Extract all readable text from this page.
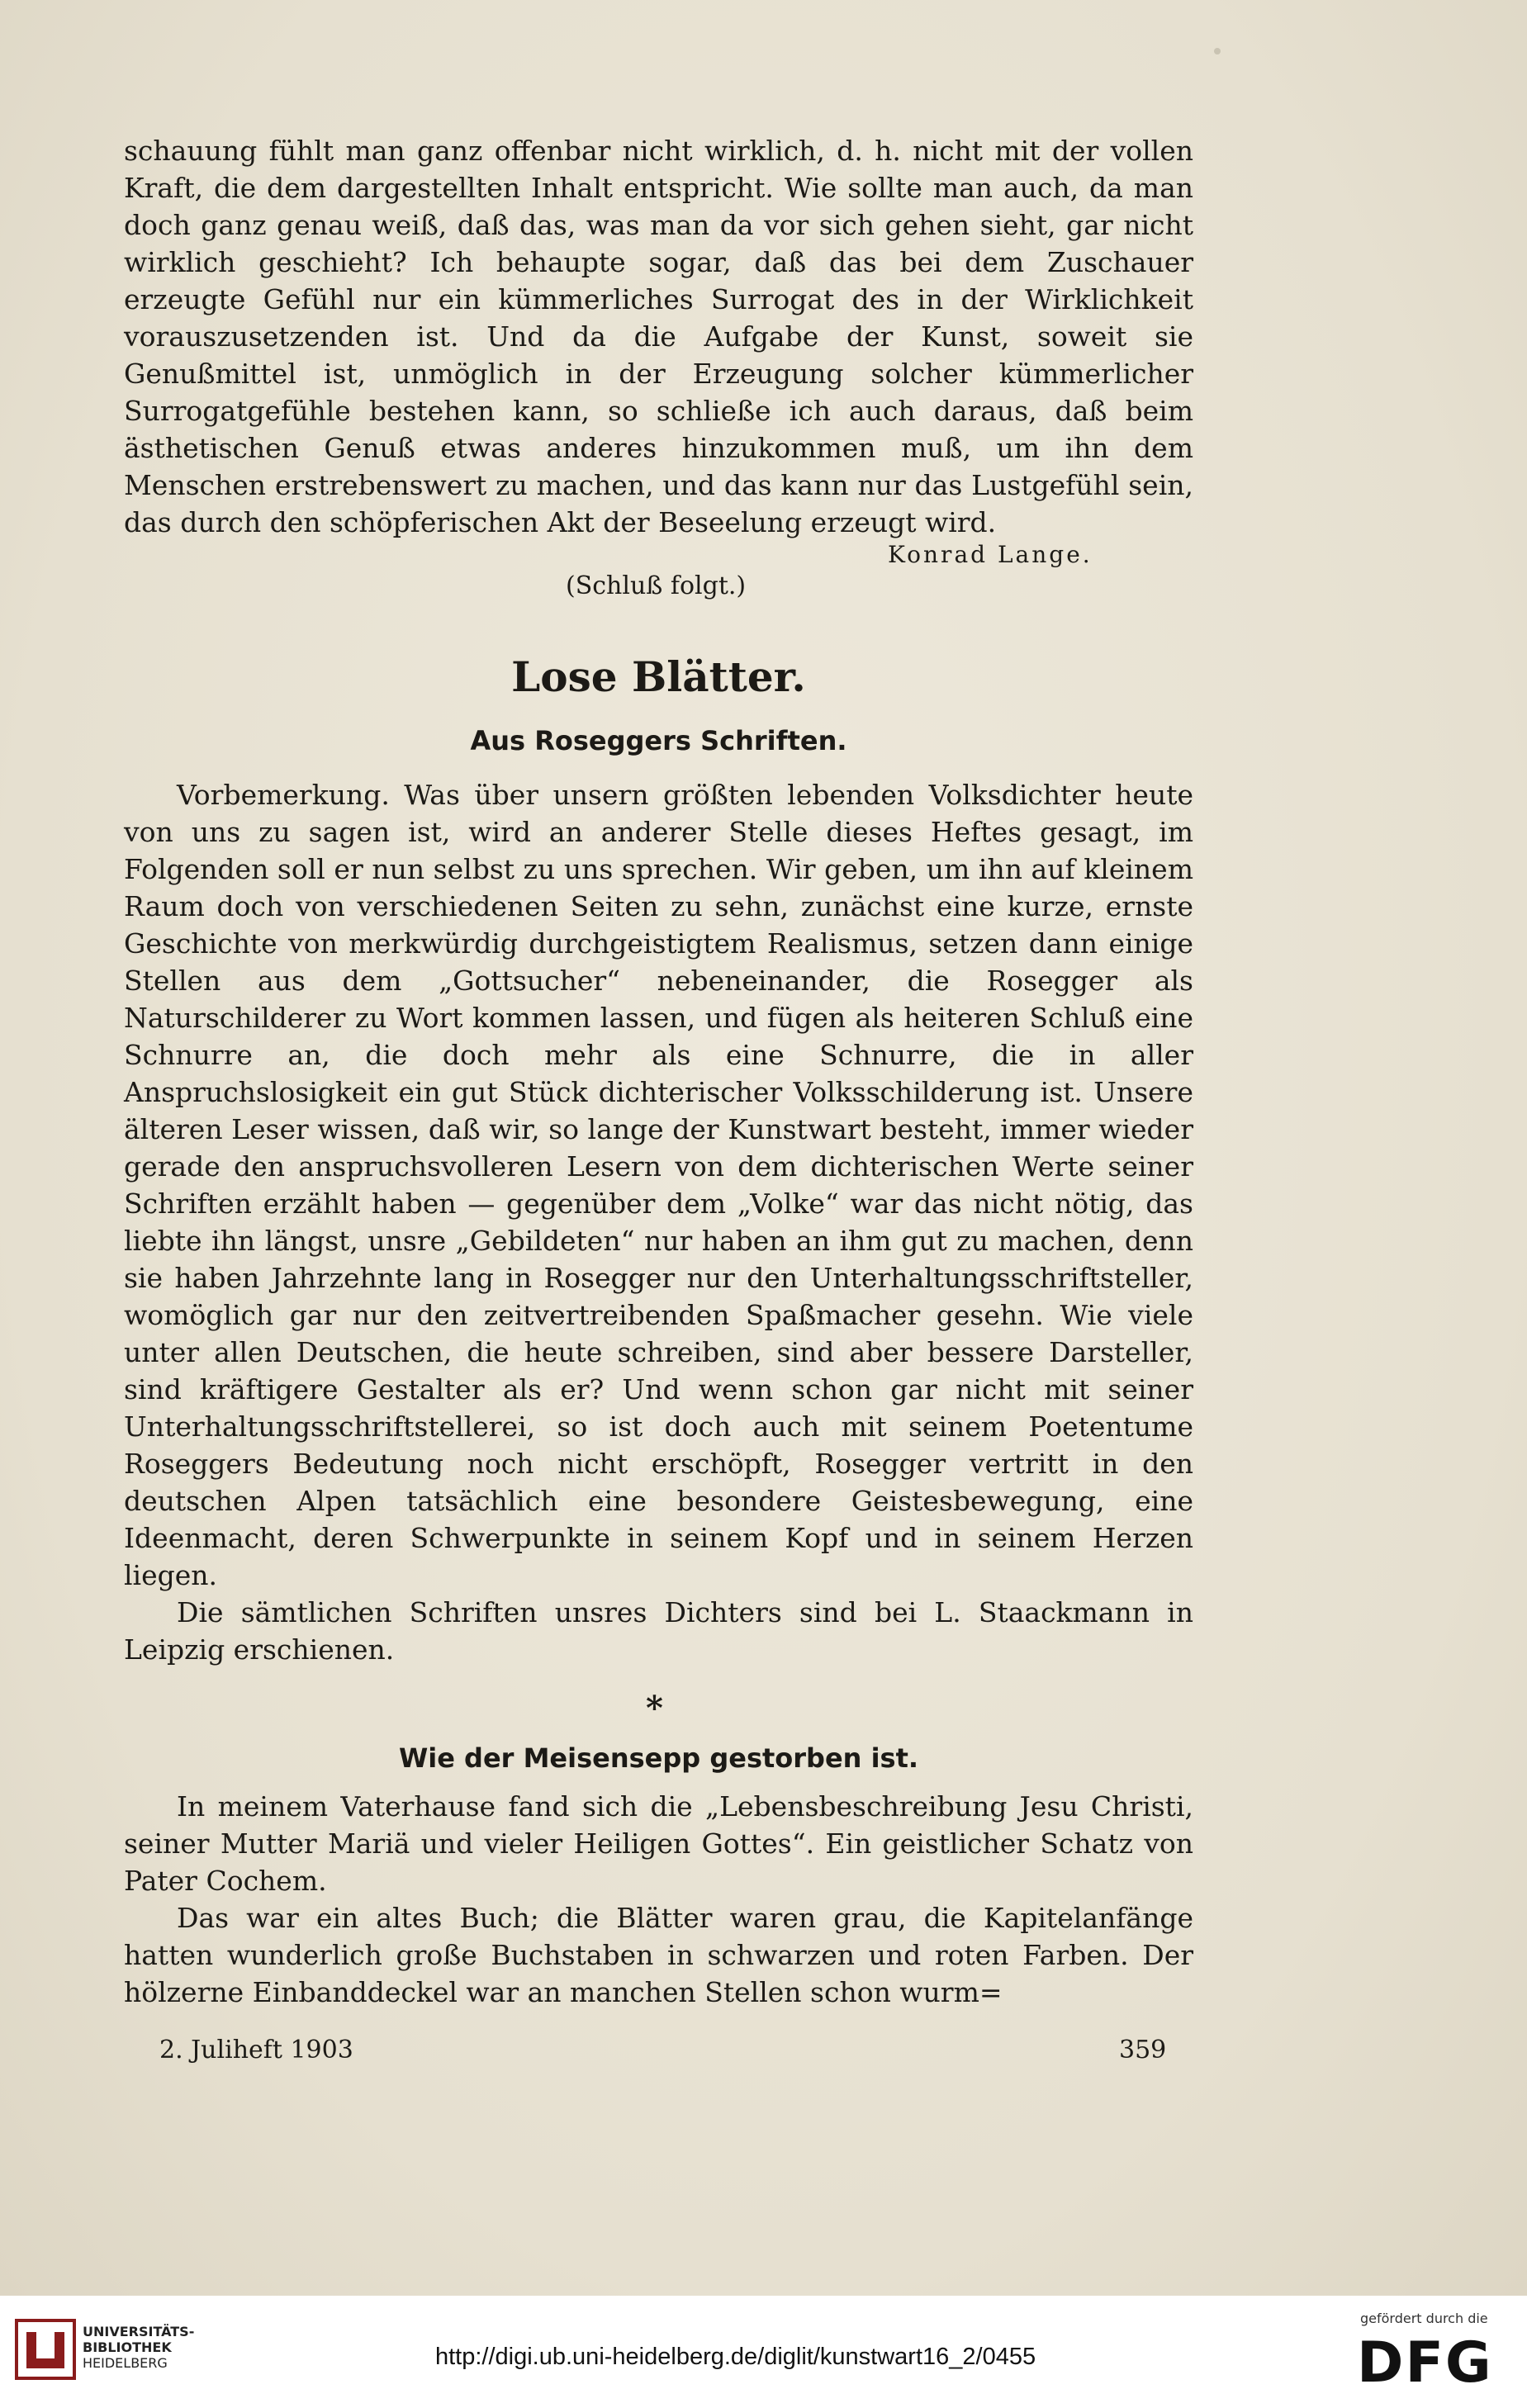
schauung fühlt man ganz offenbar nicht wirklich, d. h. nicht mit der vollen Kraft, die dem dargestellten Inhalt entspricht. Wie sollte man auch, da man doch ganz genau weiß, daß das, was man da vor sich gehen sieht, gar nicht wirklich geschieht? Ich behaupte sogar, daß das bei dem Zuschauer erzeugte Gefühl nur ein kümmerliches Surrogat des in der Wirklichkeit vorauszusetzenden ist. Und da die Aufgabe der Kunst, soweit sie Genußmittel ist, unmöglich in der Erzeugung solcher kümmerlicher Surrogatgefühle bestehen kann, so schließe ich auch daraus, daß beim ästhetischen Genuß etwas anderes hinzukommen muß, um ihn dem Menschen erstrebenswert zu machen, und das kann nur das Lustgefühl sein, das durch den schöpferischen Akt der Beseelung erzeugt wird.

Konrad Lange.
(Schluß folgt.)
Lose Blätter.
Aus Roseggers Schriften.

Vorbemerkung. Was über unsern größten lebenden Volksdichter heute von uns zu sagen ist, wird an anderer Stelle dieses Heftes gesagt, im Folgenden soll er nun selbst zu uns sprechen. Wir geben, um ihn auf kleinem Raum doch von verschiedenen Seiten zu sehn, zunächst eine kurze, ernste Geschichte von merkwürdig durchgeistigtem Realismus, setzen dann einige Stellen aus dem „Gottsucher“ nebeneinander, die Rosegger als Naturschilderer zu Wort kommen lassen, und fügen als heiteren Schluß eine Schnurre an, die doch mehr als eine Schnurre, die in aller Anspruchslosigkeit ein gut Stück dichterischer Volksschilderung ist. Unsere älteren Leser wissen, daß wir, so lange der Kunstwart besteht, immer wieder gerade den anspruchsvolleren Lesern von dem dichterischen Werte seiner Schriften erzählt haben — gegenüber dem „Volke“ war das nicht nötig, das liebte ihn längst, unsre „Gebildeten“ nur haben an ihm gut zu machen, denn sie haben Jahrzehnte lang in Rosegger nur den Unterhaltungsschriftsteller, womöglich gar nur den zeitvertreibenden Spaßmacher gesehn. Wie viele unter allen Deutschen, die heute schreiben, sind aber bessere Darsteller, sind kräftigere Gestalter als er? Und wenn schon gar nicht mit seiner Unterhaltungsschriftstellerei, so ist doch auch mit seinem Poetentume Roseggers Bedeutung noch nicht erschöpft, Rosegger vertritt in den deutschen Alpen tatsächlich eine besondere Geistesbewegung, eine Ideenmacht, deren Schwerpunkte in seinem Kopf und in seinem Herzen liegen.

Die sämtlichen Schriften unsres Dichters sind bei L. Staackmann in Leipzig erschienen.

*
Wie der Meisensepp gestorben ist.

In meinem Vaterhause fand sich die „Lebensbeschreibung Jesu Christi, seiner Mutter Mariä und vieler Heiligen Gottes“. Ein geistlicher Schatz von Pater Cochem.

Das war ein altes Buch; die Blätter waren grau, die Kapitelanfänge hatten wunderlich große Buchstaben in schwarzen und roten Farben. Der hölzerne Einbanddeckel war an manchen Stellen schon wurm=

2. Juliheft 1903	359
UNIVERSITÄTS-
BIBLIOTHEK
HEIDELBERG	http://digi.ub.uni-heidelberg.de/diglit/kunstwart16_2/0455
gefördert durch die
DFG
